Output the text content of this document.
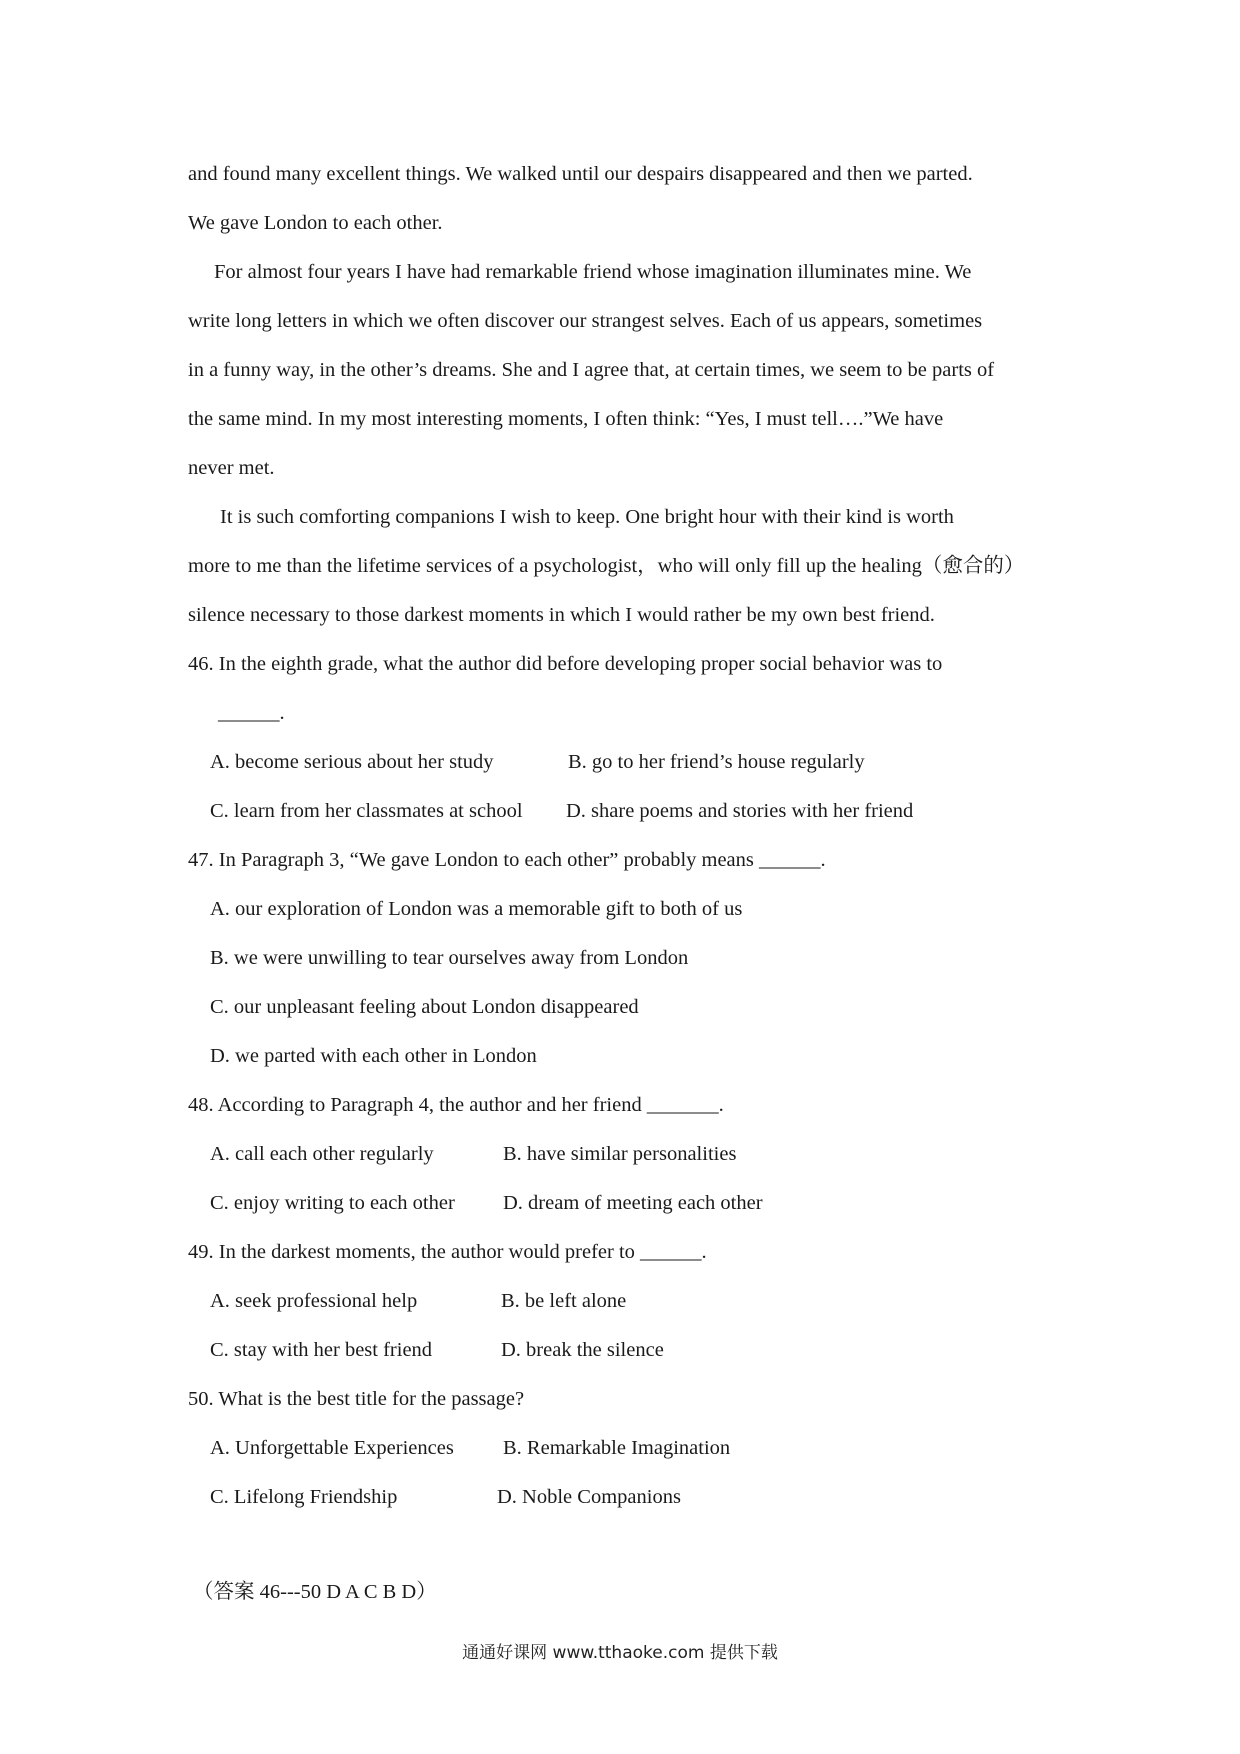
and found many excellent things. We walked until our despairs disappeared and then we parted.
We gave London to each other.
For almost four years I have had remarkable friend whose imagination illuminates mine. We
write long letters in which we often discover our strangest selves. Each of us appears, sometimes
in a funny way, in the other’s dreams. She and I agree that, at certain times, we seem to be parts of
the same mind. In my most interesting moments, I often think: “Yes, I must tell….”We have
never met.
It is such comforting companions I wish to keep. One bright hour with their kind is worth
more to me than the lifetime services of a psychologist，who will only fill up the healing（愈合的）
silence necessary to those darkest moments in which I would rather be my own best friend.
46. In the eighth grade, what the author did before developing proper social behavior was to
______.
A. become serious about her study	B. go to her friend’s house regularly
C. learn from her classmates at school D. share poems and stories with her friend
47. In Paragraph 3, “We gave London to each other” probably means ______.
A. our exploration of London was a memorable gift to both of us
B. we were unwilling to tear ourselves away from London
C. our unpleasant feeling about London disappeared
D. we parted with each other in London
48. According to Paragraph 4, the author and her friend _______.
A. call each other regularly	B. have similar personalities
C. enjoy writing to each other D. dream of meeting each other
49. In the darkest moments, the author would prefer to ______.
A. seek professional help	B. be left alone
C. stay with her best friend	D. break the silence
50. What is the best title for the passage?
A. Unforgettable Experiences B. Remarkable Imagination
C. Lifelong Friendship	D. Noble Companions
（答案 46---50 D A C B D）
通通好课网 www.tthaoke.com 提供下载
